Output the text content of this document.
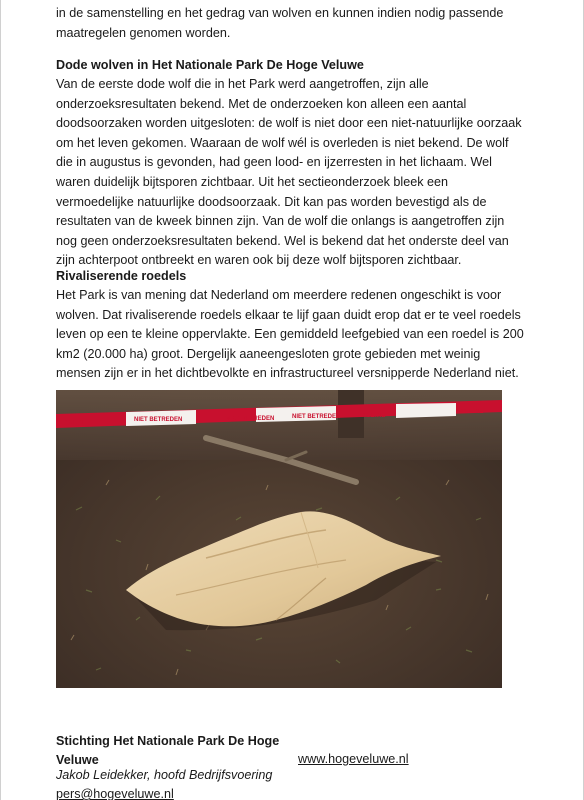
in de samenstelling en het gedrag van wolven en kunnen indien nodig passende maatregelen genomen worden.

Dode wolven in Het Nationale Park De Hoge Veluwe

Van de eerste dode wolf die in het Park werd aangetroffen, zijn alle onderzoeksresultaten bekend. Met de onderzoeken kon alleen een aantal doodsoorzaken worden uitgesloten: de wolf is niet door een niet-natuurlijke oorzaak om het leven gekomen. Waaraan de wolf wél is overleden is niet bekend. De wolf die in augustus is gevonden, had geen lood- en ijzerresten in het lichaam. Wel waren duidelijk bijtsporen zichtbaar. Uit het sectieonderzoek bleek een vermoedelijke natuurlijke doodsoorzaak. Dit kan pas worden bevestigd als de resultaten van de kweek binnen zijn. Van de wolf die onlangs is aangetroffen zijn nog geen onderzoeksresultaten bekend. Wel is bekend dat het onderste deel van zijn achterpoot ontbreekt en waren ook bij deze wolf bijtsporen zichtbaar.

Rivaliserende roedels

Het Park is van mening dat Nederland om meerdere redenen ongeschikt is voor wolven. Dat rivaliserende roedels elkaar te lijf gaan duidt erop dat er te veel roedels leven op een te kleine oppervlakte. Een gemiddeld leefgebied van een roedel is 200 km2 (20.000 ha) groot. Dergelijk aaneengesloten grote gebieden met weinig mensen zijn er in het dichtbevolkte en infrastructureel versnipperde Nederland niet.

POLITIE	NIET BETREDEN	NIET BETREDEN	POLITIE
NIET BETREDEN
POLITIE

Stichting Het Nationale Park De Hoge Veluwe

Jakob Leidekker, hoofd Bedrijfsvoering

pers@hogeveluwe.nl
www.hogeveluwe.nl
